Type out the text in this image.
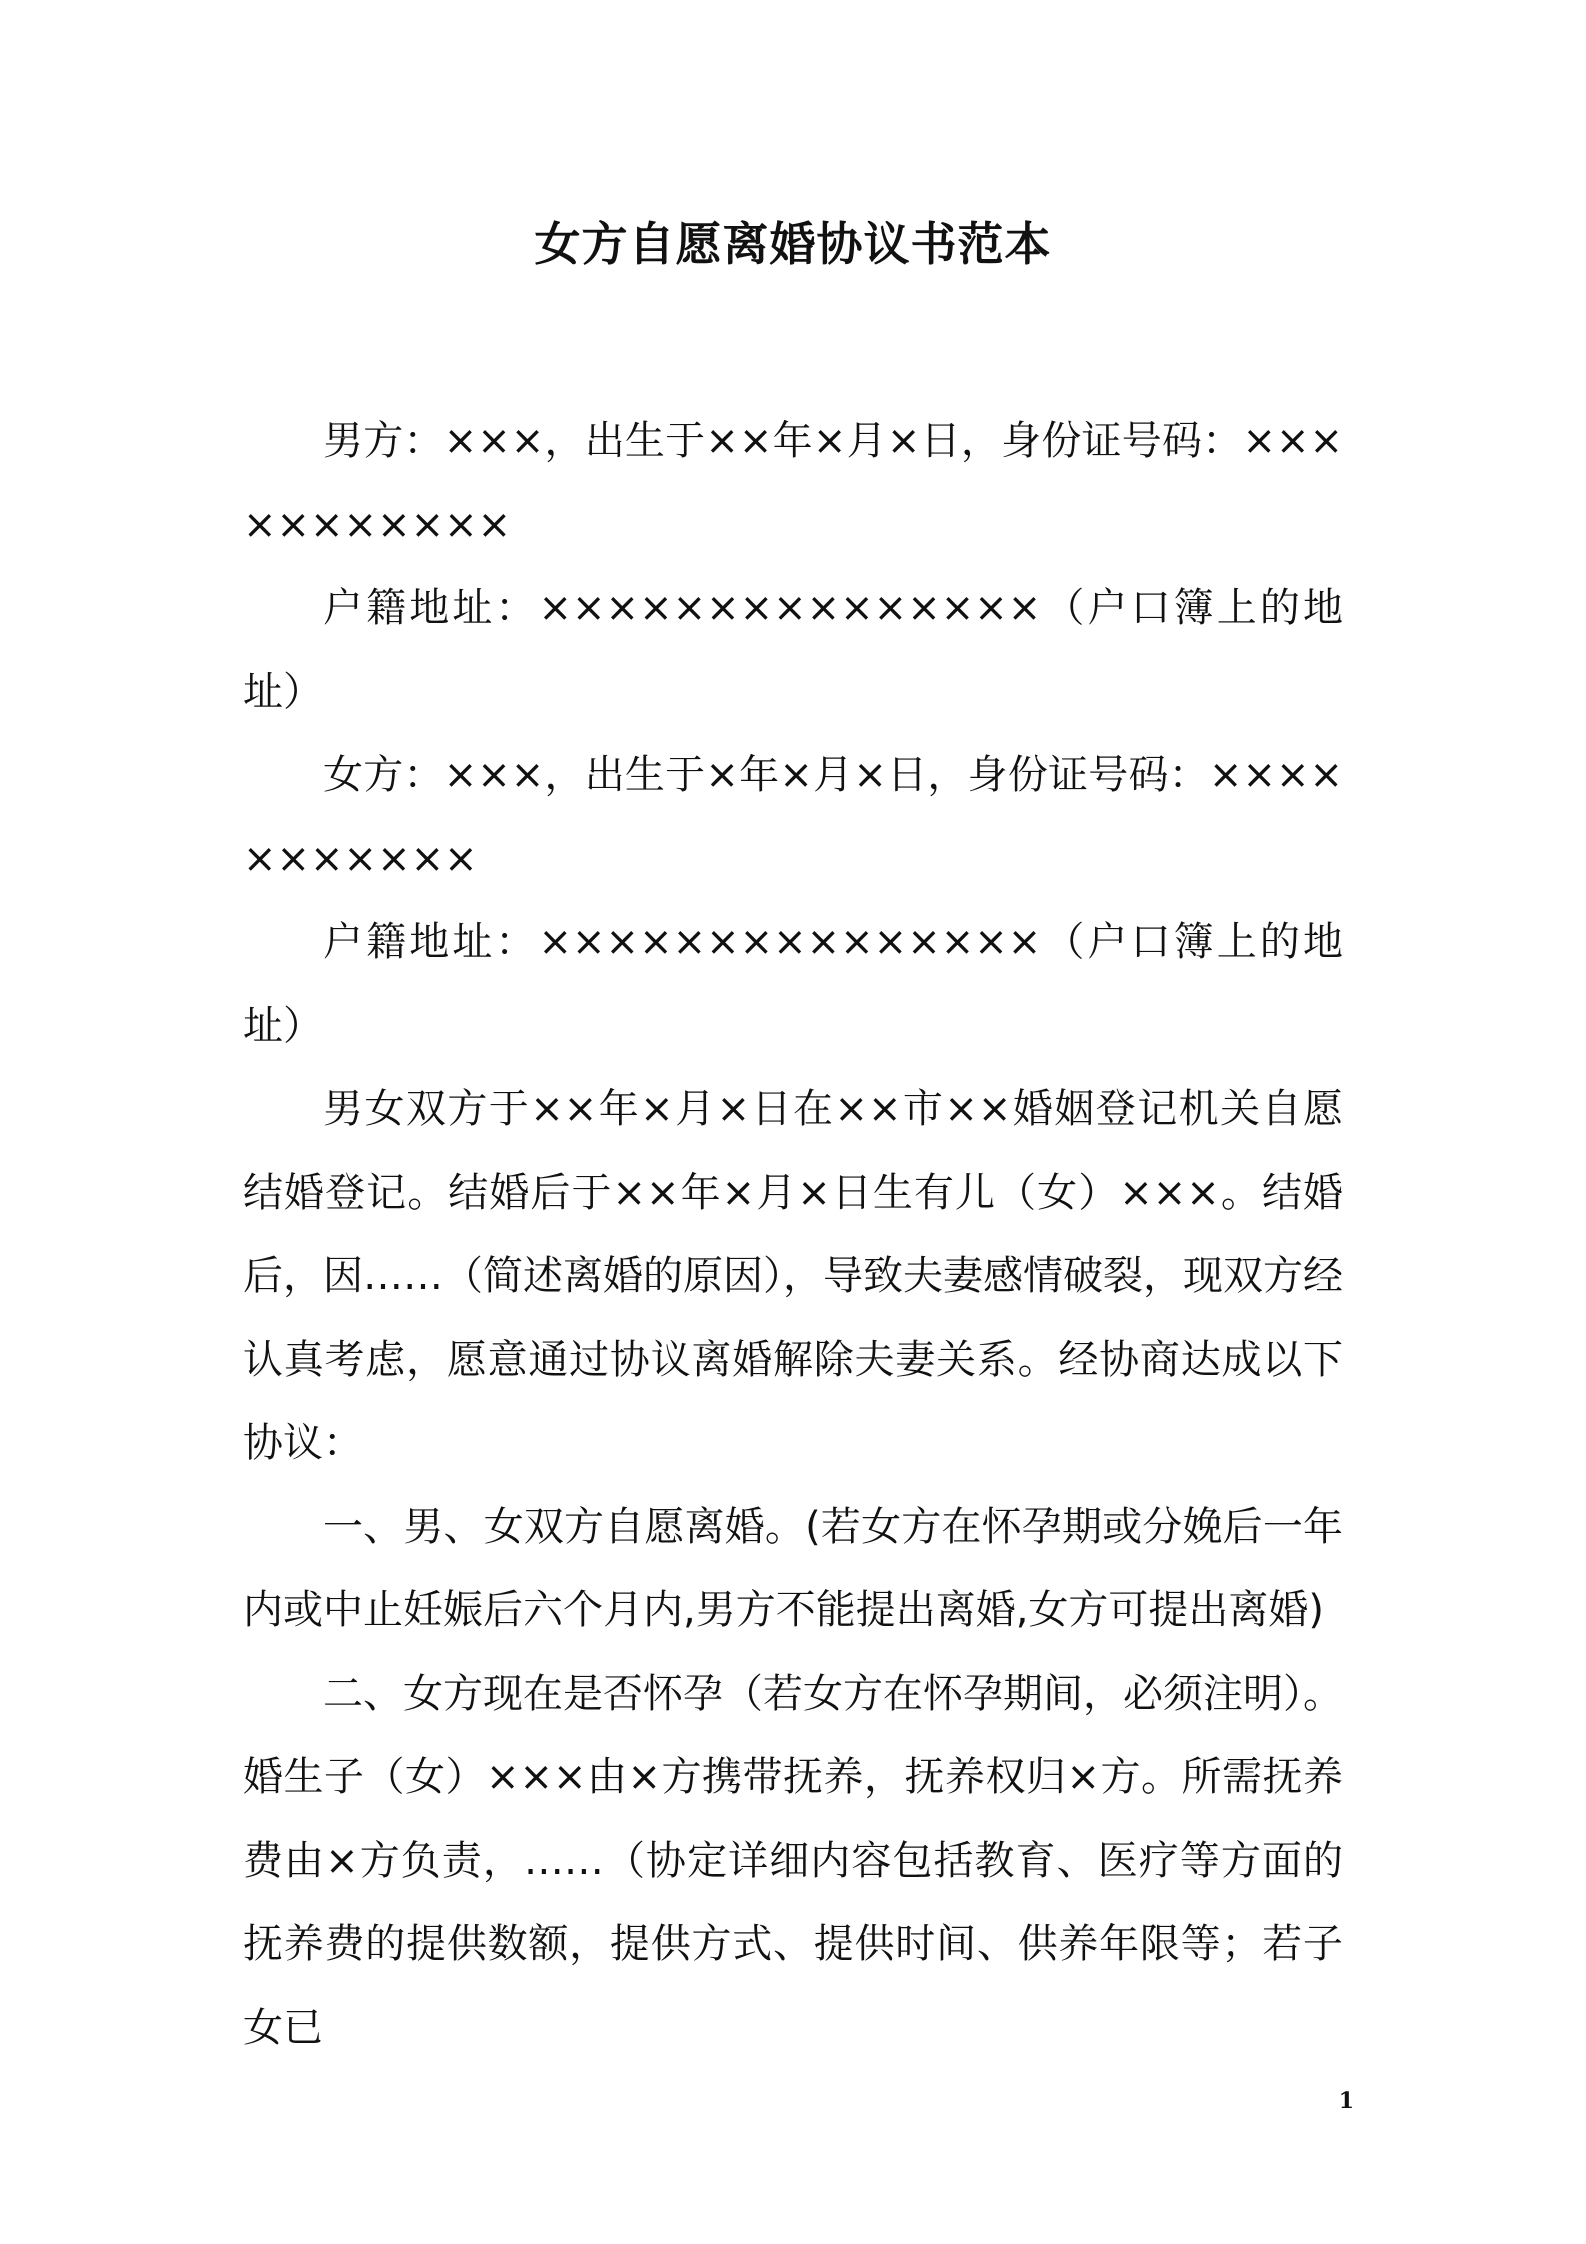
女方自愿离婚协议书范本

男方：×××，出生于××年×月×日，身份证号码：×××××××××××

户籍地址：×××××××××××××××（户口簿上的地址）

女方：×××，出生于×年×月×日，身份证号码：×××××××××××

户籍地址：×××××××××××××××（户口簿上的地址）

男女双方于××年×月×日在××市××婚姻登记机关自愿结婚登记。结婚后于××年×月×日生有儿（女）×××。结婚后，因……（简述离婚的原因），导致夫妻感情破裂，现双方经认真考虑，愿意通过协议离婚解除夫妻关系。经协商达成以下协议：

一、男、女双方自愿离婚。(若女方在怀孕期或分娩后一年内或中止妊娠后六个月内,男方不能提出离婚,女方可提出离婚)

二、女方现在是否怀孕（若女方在怀孕期间，必须注明）。婚生子（女）×××由×方携带抚养，抚养权归×方。所需抚养费由×方负责，……（协定详细内容包括教育、医疗等方面的抚养费的提供数额，提供方式、提供时间、供养年限等；若子女已

1
